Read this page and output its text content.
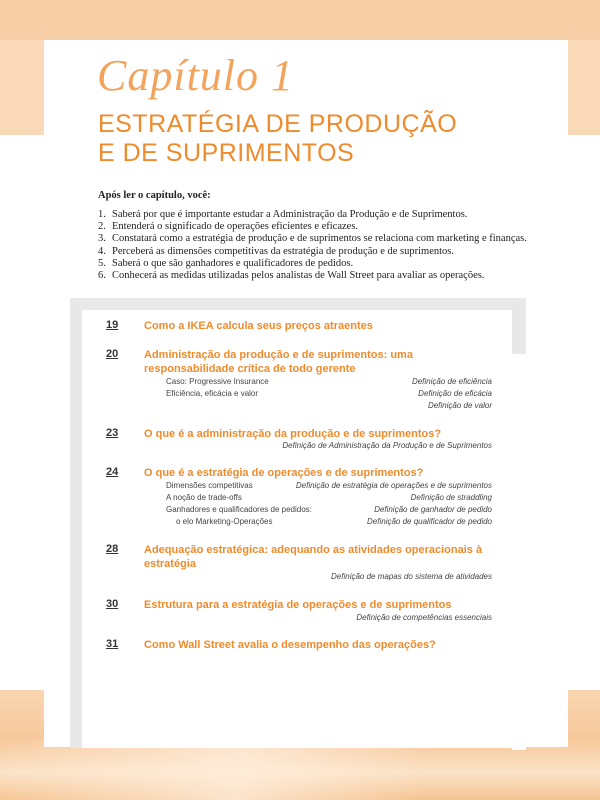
Capítulo 1
ESTRATÉGIA DE PRODUÇÃO
E DE SUPRIMENTOS
Após ler o capítulo, você:
1. Saberá por que é importante estudar a Administração da Produção e de Suprimentos.
2. Entenderá o significado de operações eficientes e eficazes.
3. Constatará como a estratégia de produção e de suprimentos se relaciona com marketing e finanças.
4. Perceberá as dimensões competitivas da estratégia de produção e de suprimentos.
5. Saberá o que são ganhadores e qualificadores de pedidos.
6. Conhecerá as medidas utilizadas pelos analistas de Wall Street para avaliar as operações.
19 Como a IKEA calcula seus preços atraentes
20 Administração da produção e de suprimentos: uma responsabilidade crítica de todo gerente
Caso: Progressive Insurance
Eficiência, eficácia e valor
Definição de eficiência
Definição de eficácia
Definição de valor
23 O que é a administração da produção e de suprimentos?
Definição de Administração da Produção e de Suprimentos
24 O que é a estratégia de operações e de suprimentos?
Dimensões competitivas
A noção de trade-offs
Ganhadores e qualificadores de pedidos:
o elo Marketing-Operações
Definição de estratégia de operações e de suprimentos
Definição de straddling
Definição de ganhador de pedido
Definição de qualificador de pedido
28 Adequação estratégica: adequando as atividades operacionais à estratégia
Definição de mapas do sistema de atividades
30 Estrutura para a estratégia de operações e de suprimentos
Definição de competências essenciais
31 Como Wall Street avalia o desempenho das operações?
